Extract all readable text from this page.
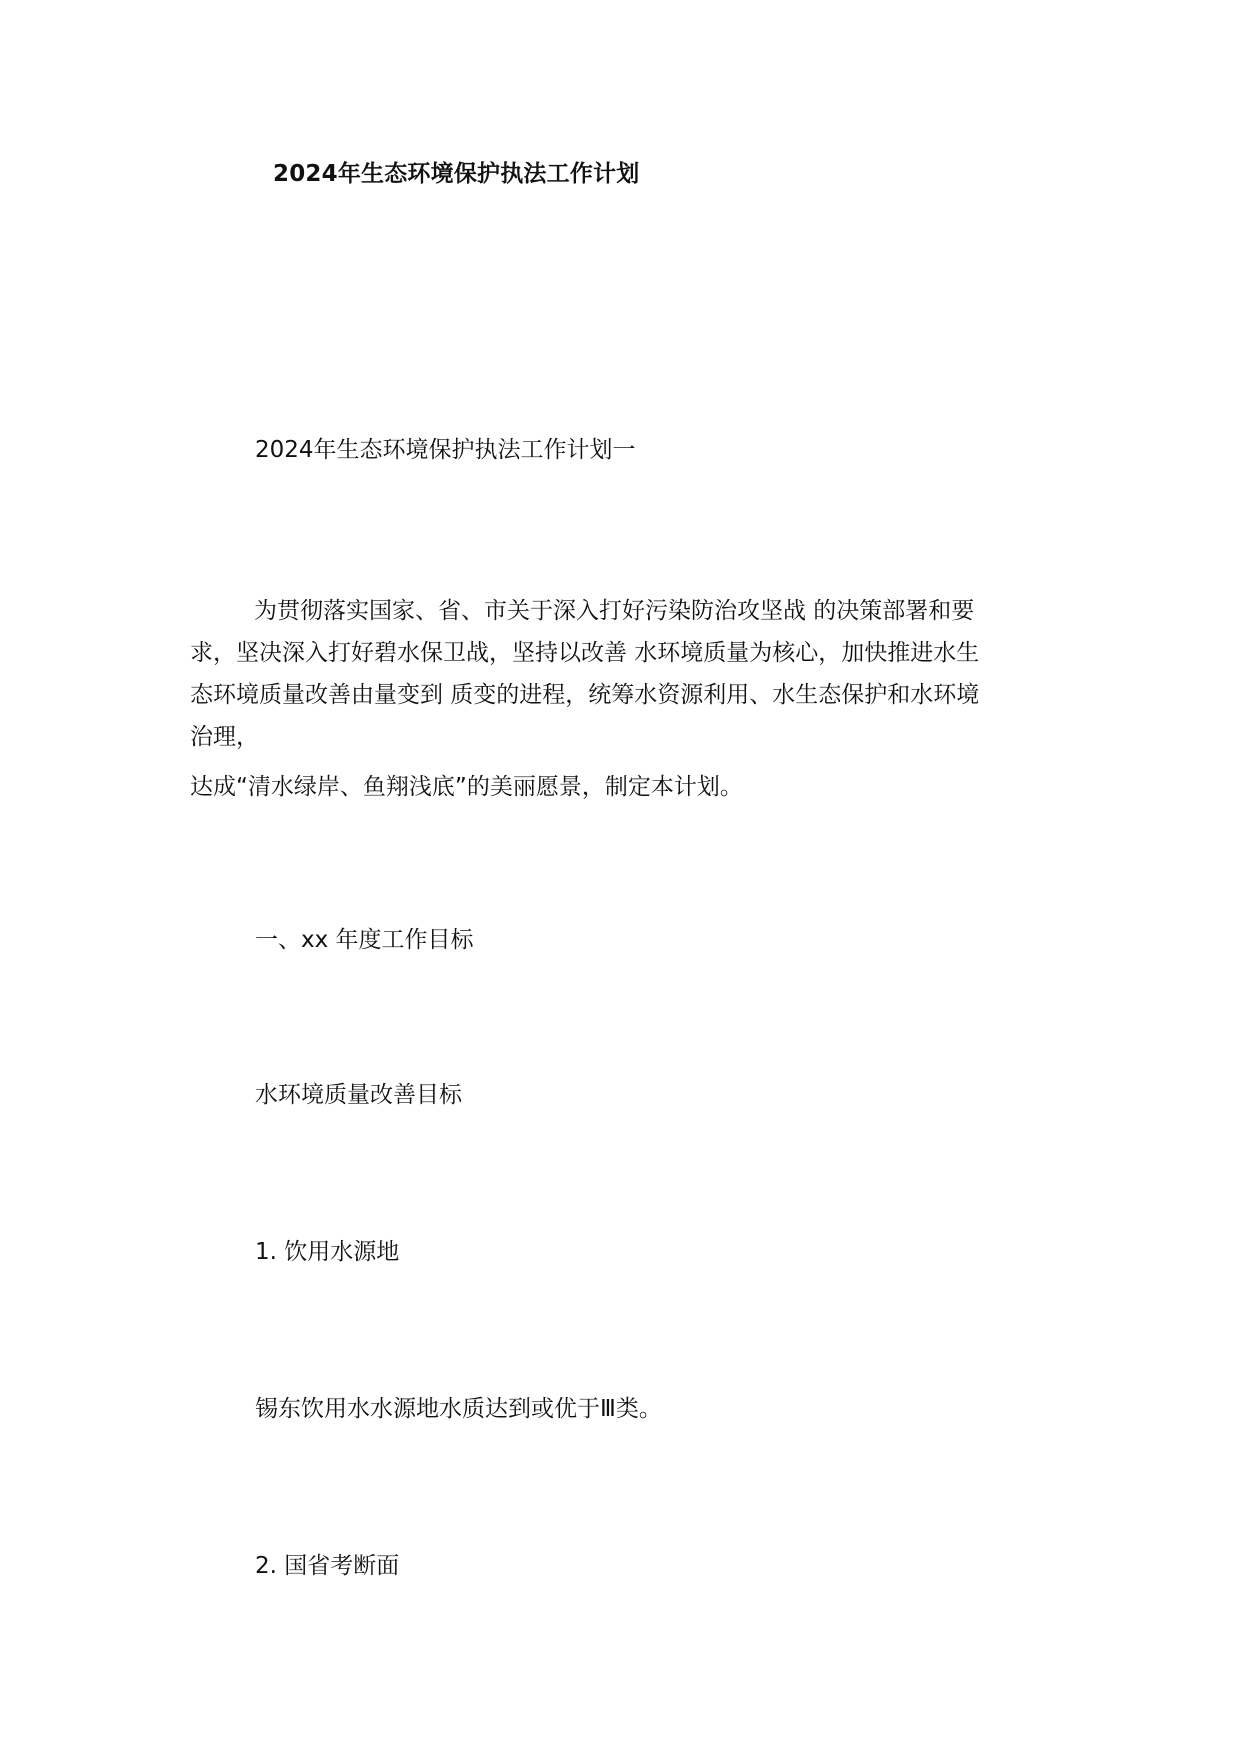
2024年生态环境保护执法工作计划
2024年生态环境保护执法工作计划一

为贯彻落实国家、省、市关于深入打好污染防治攻坚战 的决策部署和要

求，坚决深入打好碧水保卫战，坚持以改善 水环境质量为核心，加快推进水生

态环境质量改善由量变到 质变的进程，统筹水资源利用、水生态保护和水环境

治理，

达成“清水绿岸、鱼翔浅底”的美丽愿景，制定本计划。

一、xx 年度工作目标
水环境质量改善目标
1. 饮用水源地
锡东饮用水水源地水质达到或优于Ⅲ类。
2. 国省考断面
